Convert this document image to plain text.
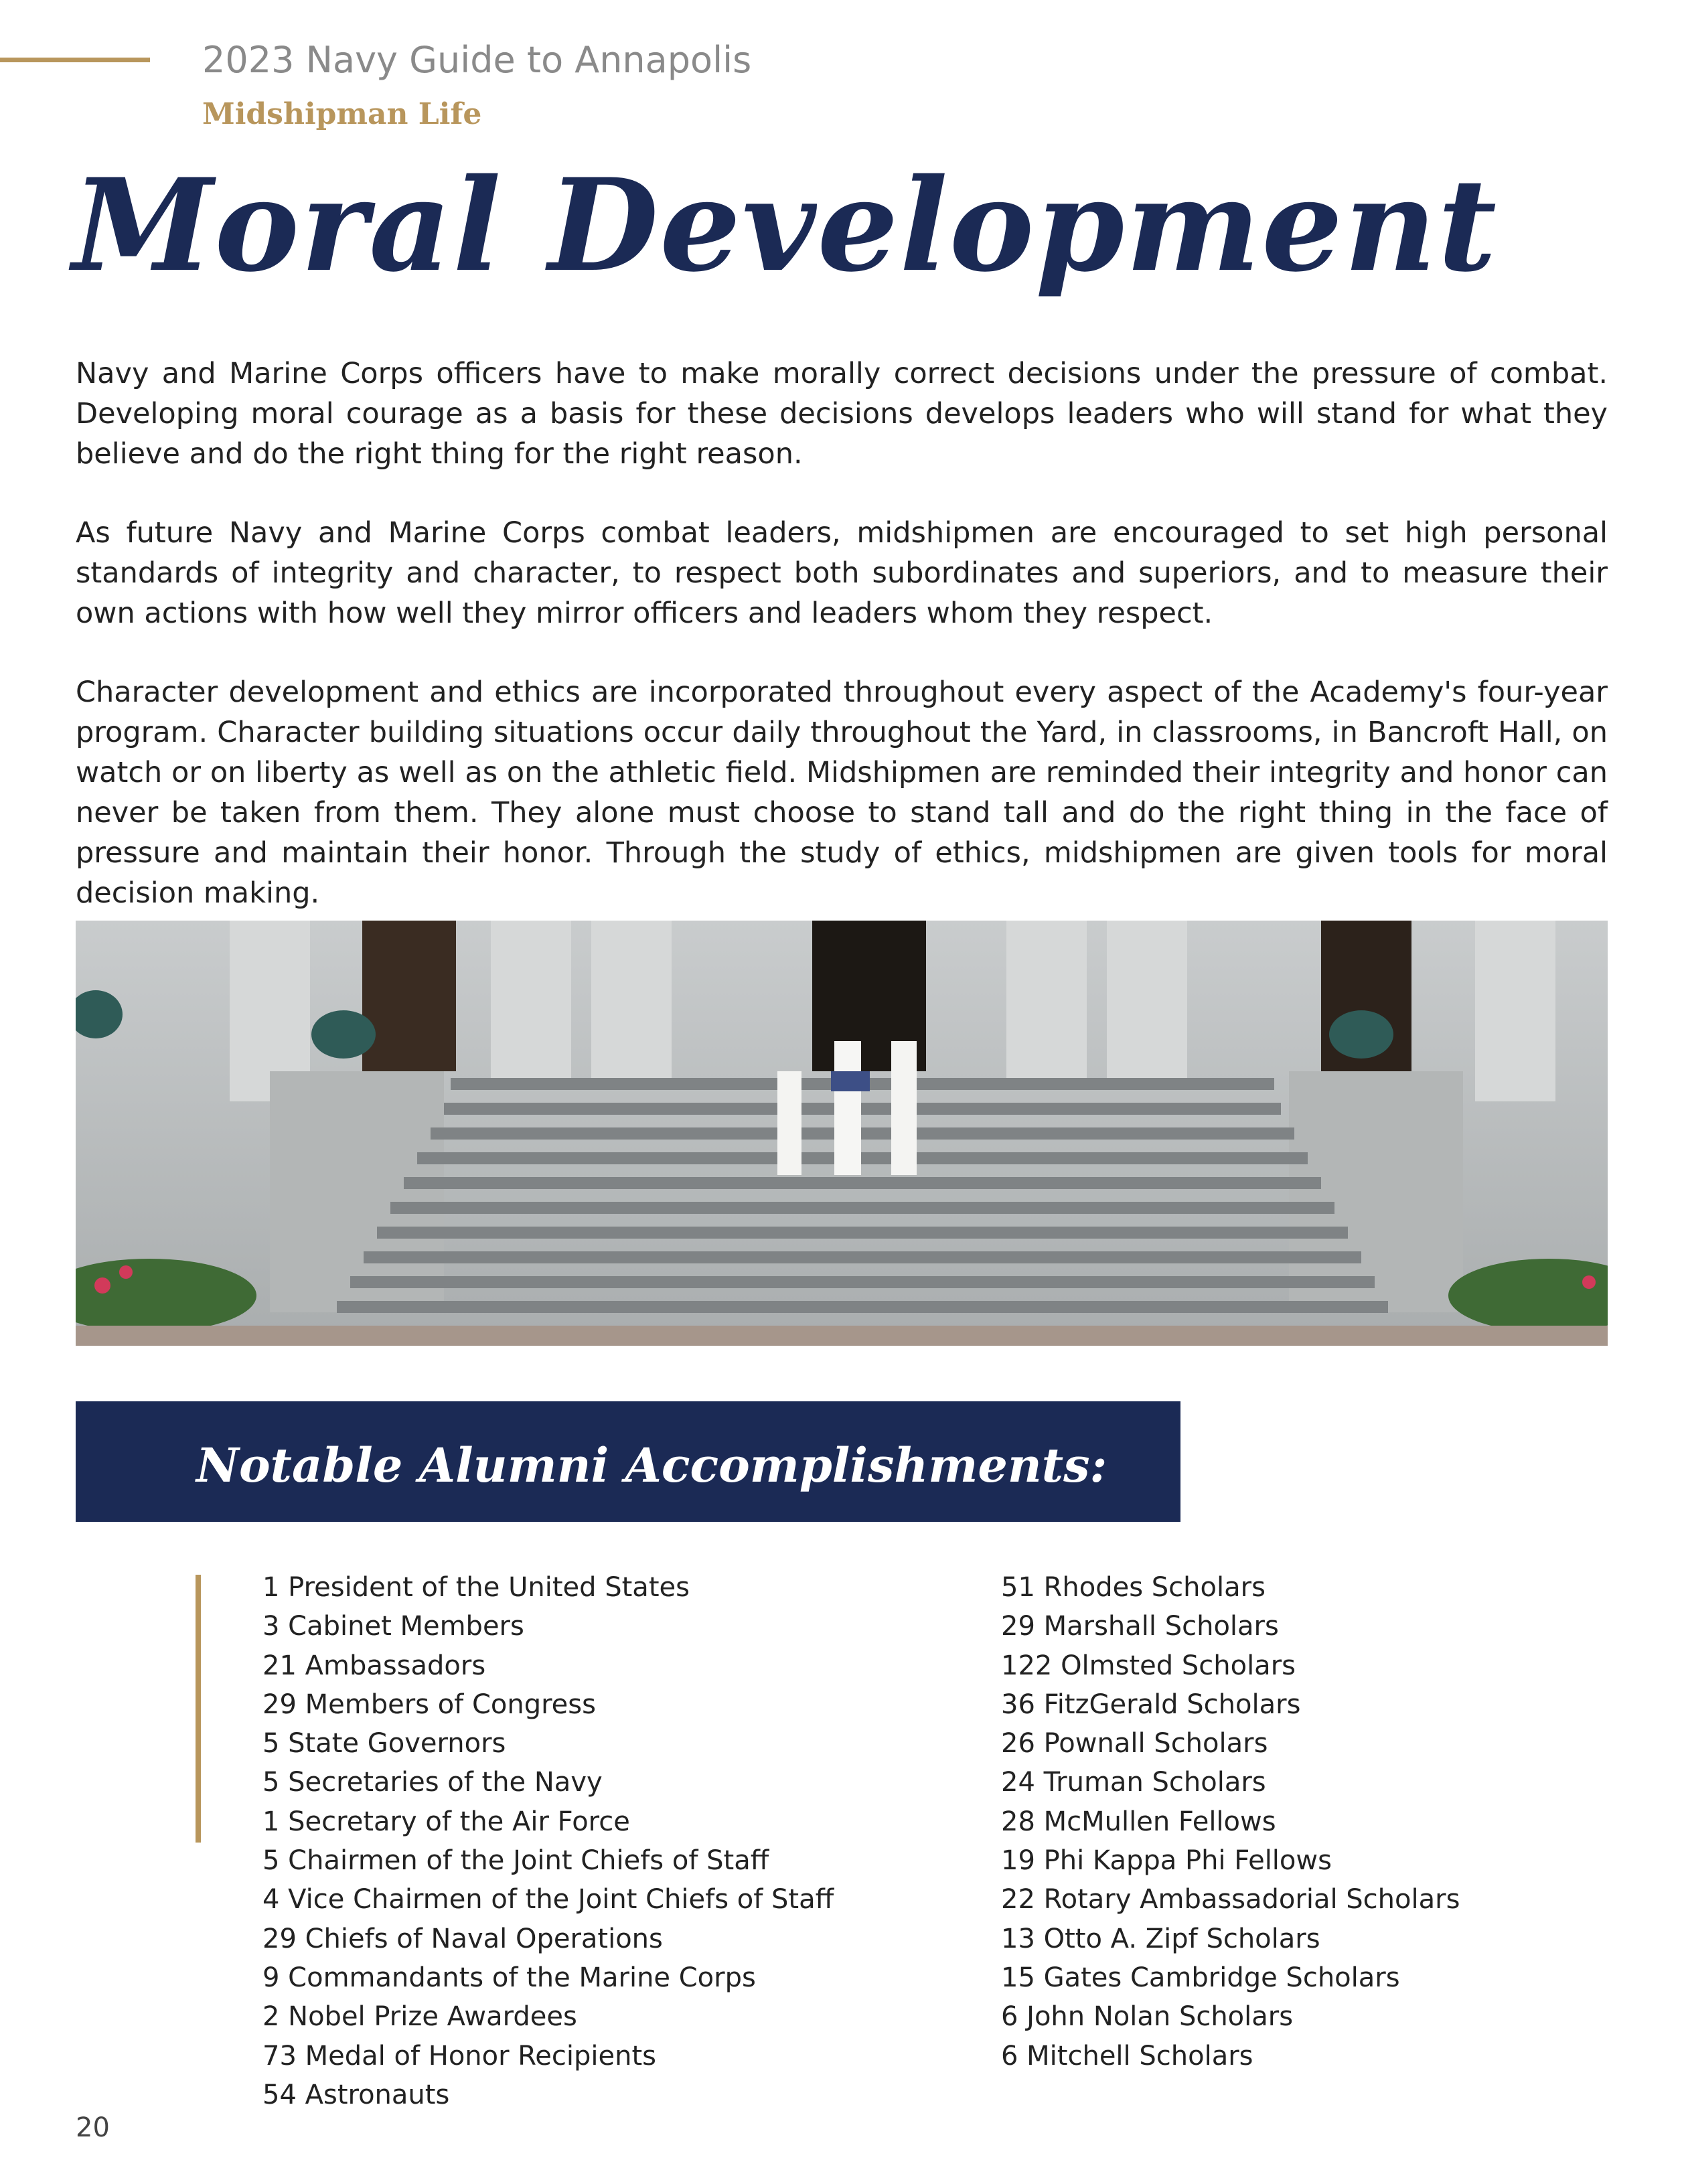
2023 Navy Guide to Annapolis
Midshipman Life
Moral Development

Navy and Marine Corps officers have to make morally correct decisions under the pressure of combat. Developing moral courage as a basis for these decisions develops leaders who will stand for what they believe and do the right thing for the right reason.

As future Navy and Marine Corps combat leaders, midshipmen are encouraged to set high personal standards of integrity and character, to respect both subordinates and superiors, and to measure their own actions with how well they mirror officers and leaders whom they respect.

Character development and ethics are incorporated throughout every aspect of the Academy's four-year program. Character building situations occur daily throughout the Yard, in classrooms, in Bancroft Hall, on watch or on liberty as well as on the athletic field. Midshipmen are reminded their integrity and honor can never be taken from them. They alone must choose to stand tall and do the right thing in the face of pressure and maintain their honor. Through the study of ethics, midshipmen are given tools for moral decision making.

Notable Alumni Accomplishments:
1 President of the United States
3 Cabinet Members
21 Ambassadors
29 Members of Congress
5 State Governors
5 Secretaries of the Navy
1 Secretary of the Air Force
5 Chairmen of the Joint Chiefs of Staff
4 Vice Chairmen of the Joint Chiefs of Staff
29 Chiefs of Naval Operations
9 Commandants of the Marine Corps
2 Nobel Prize Awardees
73 Medal of Honor Recipients
54 Astronauts
51 Rhodes Scholars
29 Marshall Scholars
122 Olmsted Scholars
36 FitzGerald Scholars
26 Pownall Scholars
24 Truman Scholars
28 McMullen Fellows
19 Phi Kappa Phi Fellows
22 Rotary Ambassadorial Scholars
13 Otto A. Zipf Scholars
15 Gates Cambridge Scholars
6 John Nolan Scholars
6 Mitchell Scholars
20
